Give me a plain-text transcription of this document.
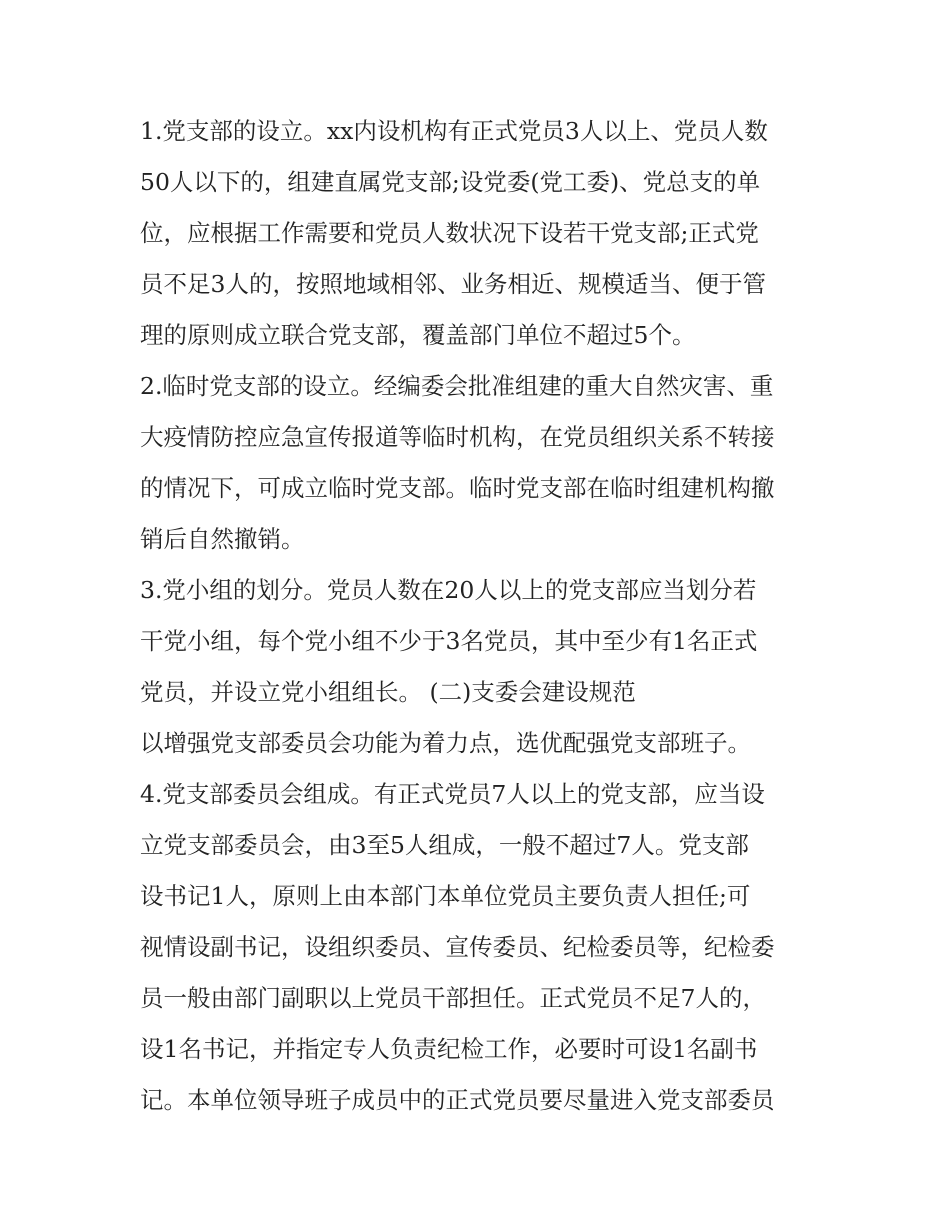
1.党支部的设立。xx内设机构有正式党员3人以上、党员人数
50人以下的，组建直属党支部;设党委(党工委)、党总支的单
位，应根据工作需要和党员人数状况下设若干党支部;正式党
员不足3人的，按照地域相邻、业务相近、规模适当、便于管
理的原则成立联合党支部，覆盖部门单位不超过5个。
2.临时党支部的设立。经编委会批准组建的重大自然灾害、重
大疫情防控应急宣传报道等临时机构，在党员组织关系不转接
的情况下，可成立临时党支部。临时党支部在临时组建机构撤
销后自然撤销。
3.党小组的划分。党员人数在20人以上的党支部应当划分若
干党小组，每个党小组不少于3名党员，其中至少有1名正式
党员，并设立党小组组长。 (二)支委会建设规范
以增强党支部委员会功能为着力点，选优配强党支部班子。
4.党支部委员会组成。有正式党员7人以上的党支部，应当设
立党支部委员会，由3至5人组成，一般不超过7人。党支部
设书记1人，原则上由本部门本单位党员主要负责人担任;可
视情设副书记，设组织委员、宣传委员、纪检委员等，纪检委
员一般由部门副职以上党员干部担任。正式党员不足7人的，
设1名书记，并指定专人负责纪检工作，必要时可设1名副书
记。本单位领导班子成员中的正式党员要尽量进入党支部委员
